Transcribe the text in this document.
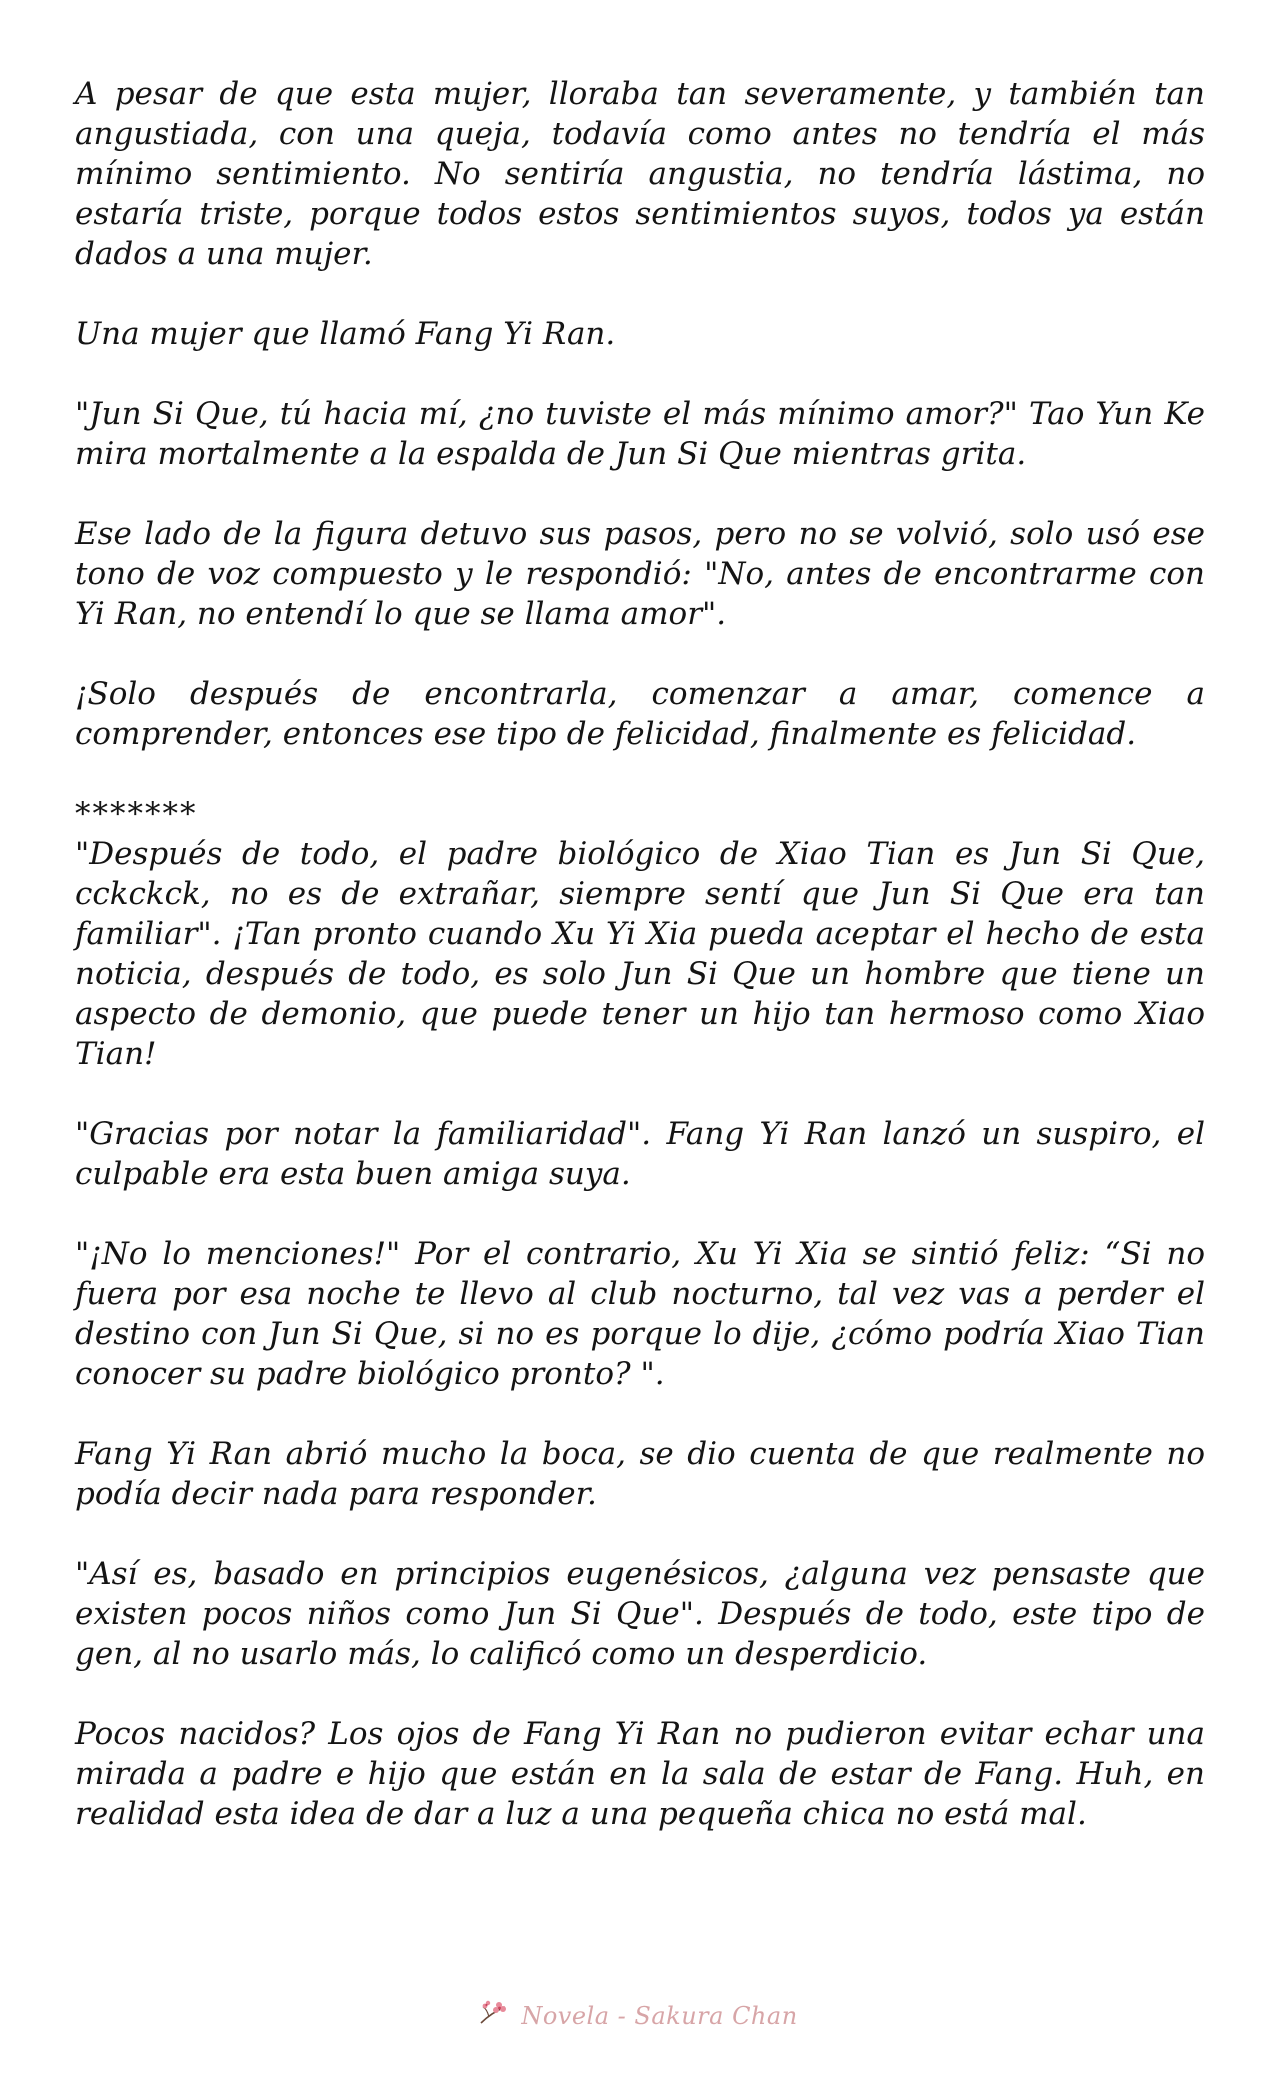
A pesar de que esta mujer, lloraba tan severamente, y también tan angustiada, con una queja, todavía como antes no tendría el más mínimo sentimiento. No sentiría angustia, no tendría lástima, no estaría triste, porque todos estos sentimientos suyos, todos ya están dados a una mujer.

Una mujer que llamó Fang Yi Ran.

"Jun Si Que, tú hacia mí, ¿no tuviste el más mínimo amor?" Tao Yun Ke mira mortalmente a la espalda de Jun Si Que mientras grita.

Ese lado de la figura detuvo sus pasos, pero no se volvió, solo usó ese tono de voz compuesto y le respondió: "No, antes de encontrarme con Yi Ran, no entendí lo que se llama amor".

¡Solo después de encontrarla, comenzar a amar, comence a comprender, entonces ese tipo de felicidad, finalmente es felicidad.

*******

"Después de todo, el padre biológico de Xiao Tian es Jun Si Que, cckckck, no es de extrañar, siempre sentí que Jun Si Que era tan familiar". ¡Tan pronto cuando Xu Yi Xia pueda aceptar el hecho de esta noticia, después de todo, es solo Jun Si Que un hombre que tiene un aspecto de demonio, que puede tener un hijo tan hermoso como Xiao Tian!

"Gracias por notar la familiaridad". Fang Yi Ran lanzó un suspiro, el culpable era esta buen amiga suya.

"¡No lo menciones!" Por el contrario, Xu Yi Xia se sintió feliz: “Si no fuera por esa noche te llevo al club nocturno, tal vez vas a perder el destino con Jun Si Que, si no es porque lo dije, ¿cómo podría Xiao Tian conocer su padre biológico pronto? ".

Fang Yi Ran abrió mucho la boca, se dio cuenta de que realmente no podía decir nada para responder.

"Así es, basado en principios eugenésicos, ¿alguna vez pensaste que existen pocos niños como Jun Si Que". Después de todo, este tipo de gen, al no usarlo más, lo calificó como un desperdicio.

Pocos nacidos? Los ojos de Fang Yi Ran no pudieron evitar echar una mirada a padre e hijo que están en la sala de estar de Fang. Huh, en realidad esta idea de dar a luz a una pequeña chica no está mal.

Novela - Sakura Chan
